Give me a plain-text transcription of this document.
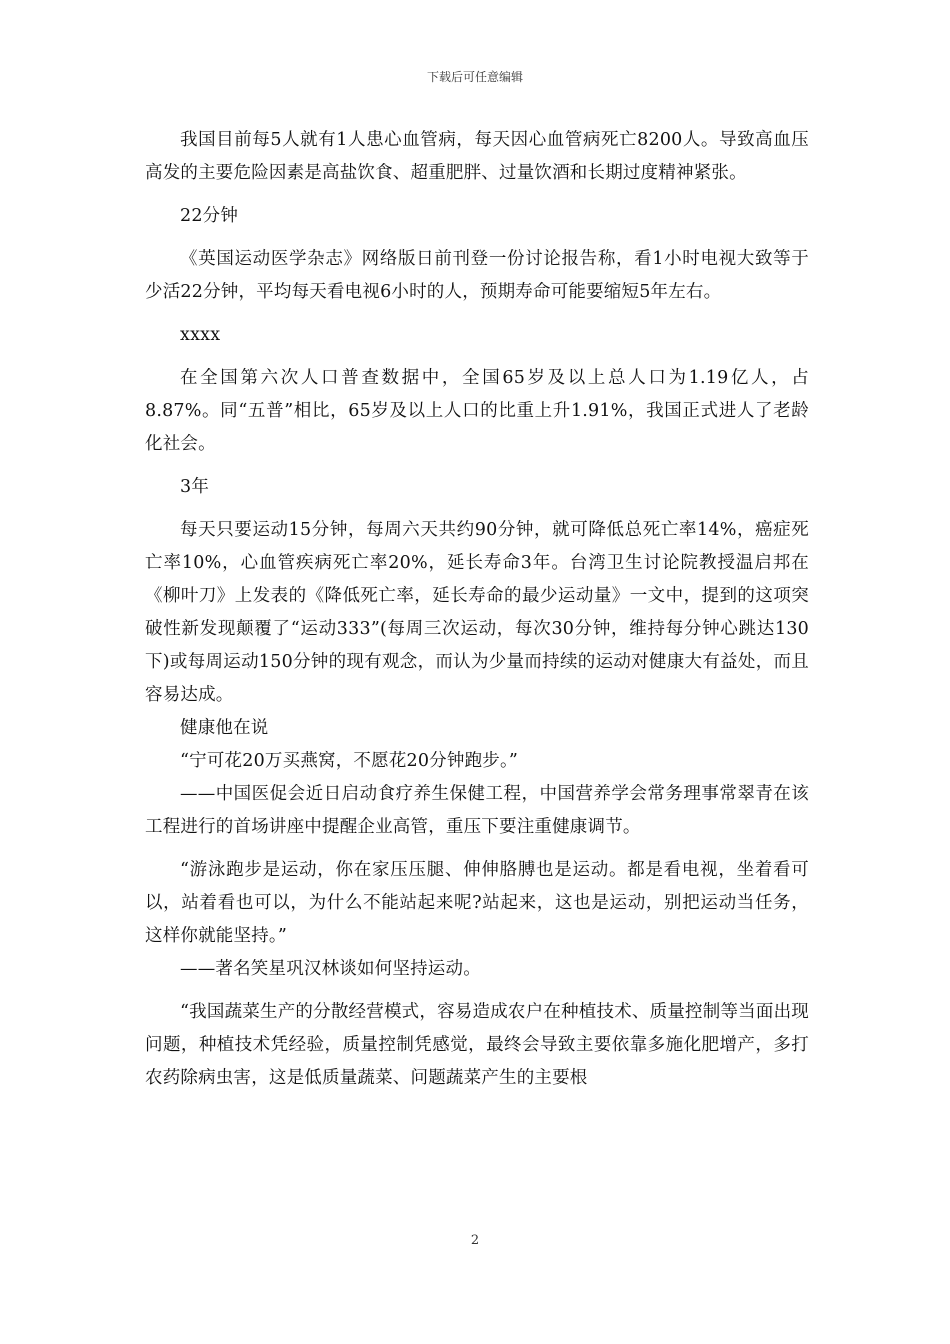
下载后可任意编辑

我国目前每5人就有1人患心血管病，每天因心血管病死亡8200人。导致高血压高发的主要危险因素是高盐饮食、超重肥胖、过量饮酒和长期过度精神紧张。

22分钟

《英国运动医学杂志》网络版日前刊登一份讨论报告称，看1小时电视大致等于少活22分钟，平均每天看电视6小时的人，预期寿命可能要缩短5年左右。

xxxx

在全国第六次人口普查数据中，全国65岁及以上总人口为1.19亿人，占8.87%。同“五普”相比，65岁及以上人口的比重上升1.91%，我国正式进人了老龄化社会。

3年

每天只要运动15分钟，每周六天共约90分钟，就可降低总死亡率14%，癌症死亡率10%，心血管疾病死亡率20%，延长寿命3年。台湾卫生讨论院教授温启邦在《柳叶刀》上发表的《降低死亡率，延长寿命的最少运动量》一文中，提到的这项突破性新发现颠覆了“运动333”(每周三次运动，每次30分钟，维持每分钟心跳达130下)或每周运动150分钟的现有观念，而认为少量而持续的运动对健康大有益处，而且容易达成。

健康他在说

“宁可花20万买燕窝，不愿花20分钟跑步。”

——中国医促会近日启动食疗养生保健工程，中国营养学会常务理事常翠青在该工程进行的首场讲座中提醒企业高管，重压下要注重健康调节。

“游泳跑步是运动，你在家压压腿、伸伸胳膊也是运动。都是看电视，坐着看可以，站着看也可以，为什么不能站起来呢?站起来，这也是运动，别把运动当任务，这样你就能坚持。”

——著名笑星巩汉林谈如何坚持运动。

“我国蔬菜生产的分散经营模式，容易造成农户在种植技术、质量控制等当面出现问题，种植技术凭经验，质量控制凭感觉，最终会导致主要依靠多施化肥增产，多打农药除病虫害，这是低质量蔬菜、问题蔬菜产生的主要根

2
